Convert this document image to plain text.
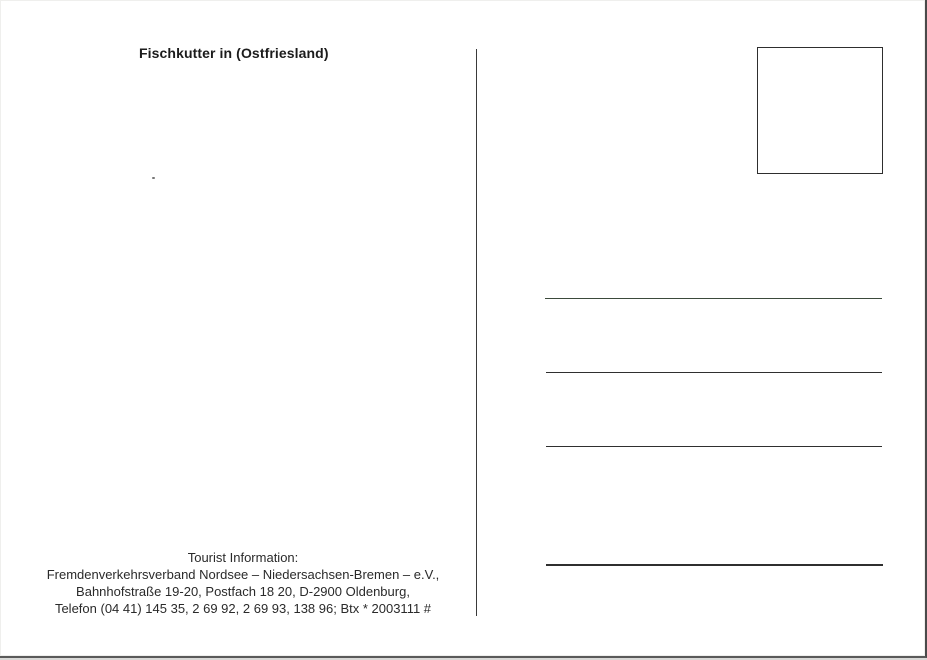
Fischkutter in (Ostfriesland)
Tourist Information:
Fremdenverkehrsverband Nordsee – Niedersachsen-Bremen – e.V.,
Bahnhofstraße 19-20, Postfach 18 20, D-2900 Oldenburg,
Telefon (04 41) 145 35, 2 69 92, 2 69 93, 138 96; Btx * 2003111 #
